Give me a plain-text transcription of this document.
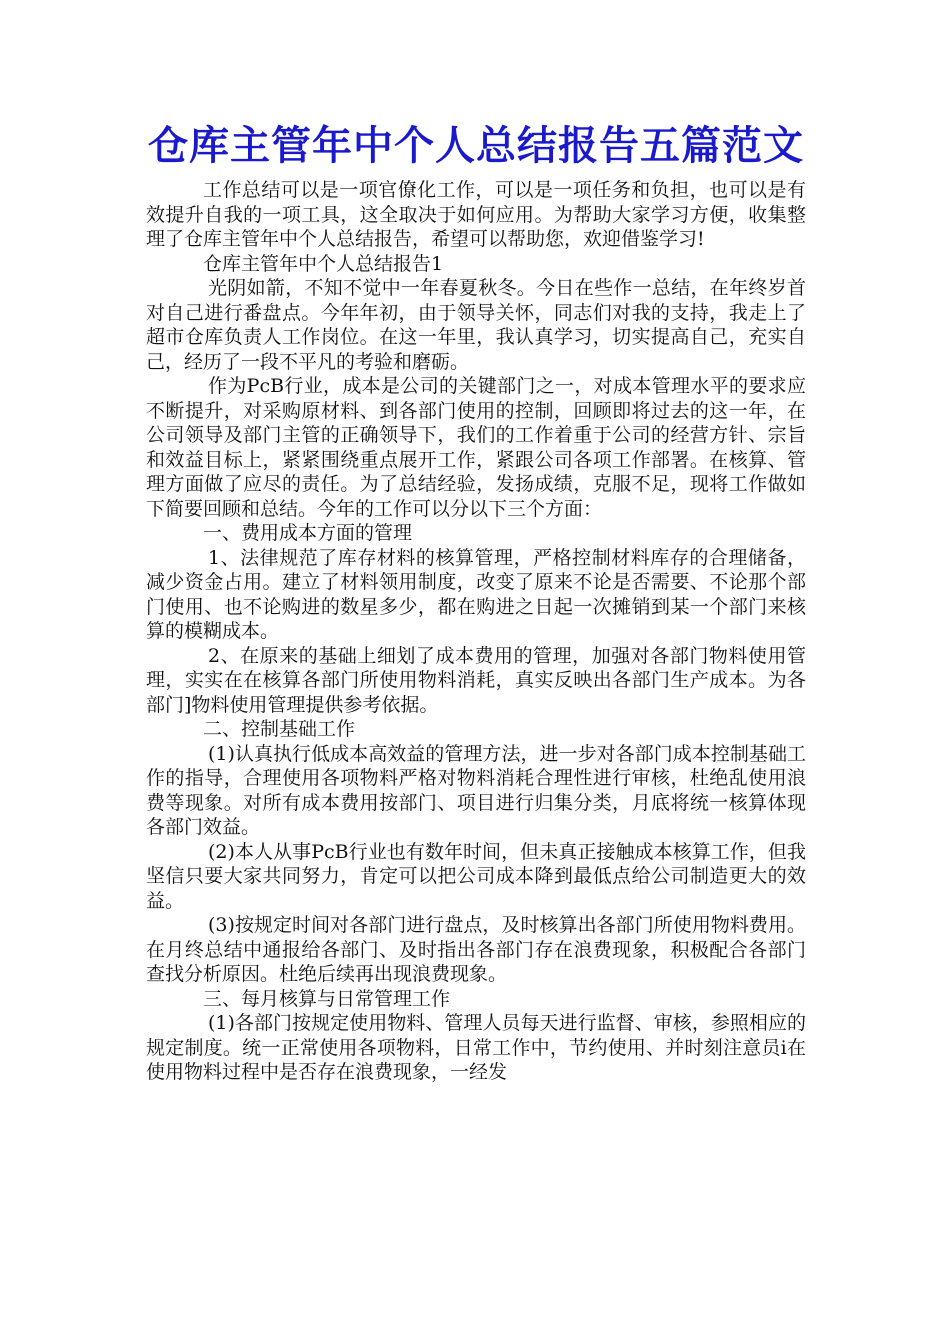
仓库主管年中个人总结报告五篇范文

工作总结可以是一项官僚化工作，可以是一项任务和负担，也可以是有效提升自我的一项工具，这全取决于如何应用。为帮助大家学习方便，收集整理了仓库主管年中个人总结报告，希望可以帮助您，欢迎借鉴学习!

仓库主管年中个人总结报告1

光阴如箭，不知不觉中一年春夏秋冬。今日在些作一总结，在年终岁首对自己进行番盘点。今年年初，由于领导关怀，同志们对我的支持，我走上了超市仓库负责人工作岗位。在这一年里，我认真学习，切实提高自己，充实自己，经历了一段不平凡的考验和磨砺。

作为PcB行业，成本是公司的关键部门之一，对成本管理水平的要求应不断提升，对采购原材料、到各部门使用的控制，回顾即将过去的这一年，在公司领导及部门主管的正确领导下，我们的工作着重于公司的经营方针、宗旨和效益目标上，紧紧围绕重点展开工作，紧跟公司各项工作部署。在核算、管理方面做了应尽的责任。为了总结经验，发扬成绩，克服不足，现将工作做如下简要回顾和总结。今年的工作可以分以下三个方面：

一、费用成本方面的管理

1、法律规范了库存材料的核算管理，严格控制材料库存的合理储备，减少资金占用。建立了材料领用制度，改变了原来不论是否需要、不论那个部门使用、也不论购进的数星多少，都在购进之日起一次摊销到某一个部门来核算的模糊成本。

2、在原来的基础上细划了成本费用的管理，加强对各部门物料使用管理，实实在在核算各部门所使用物料消耗，真实反映出各部门生产成本。为各部门]物料使用管理提供参考依据。

二、控制基础工作

(1)认真执行低成本高效益的管理方法，进一步对各部门成本控制基础工作的指导，合理使用各项物料严格对物料消耗合理性进行审核，杜绝乱使用浪费等现象。对所有成本费用按部门、项目进行归集分类，月底将统一核算体现各部门效益。

(2)本人从事PcB行业也有数年时间，但未真正接触成本核算工作，但我坚信只要大家共同努力，肯定可以把公司成本降到最低点给公司制造更大的效益。

(3)按规定时间对各部门进行盘点，及时核算出各部门所使用物料费用。在月终总结中通报给各部门、及时指出各部门存在浪费现象，积极配合各部门查找分析原因。杜绝后续再出现浪费现象。

三、每月核算与日常管理工作

(1)各部门按规定使用物料、管理人员每天进行监督、审核，参照相应的规定制度。统一正常使用各项物料，日常工作中，节约使用、并时刻注意员i在使用物料过程中是否存在浪费现象，一经发
